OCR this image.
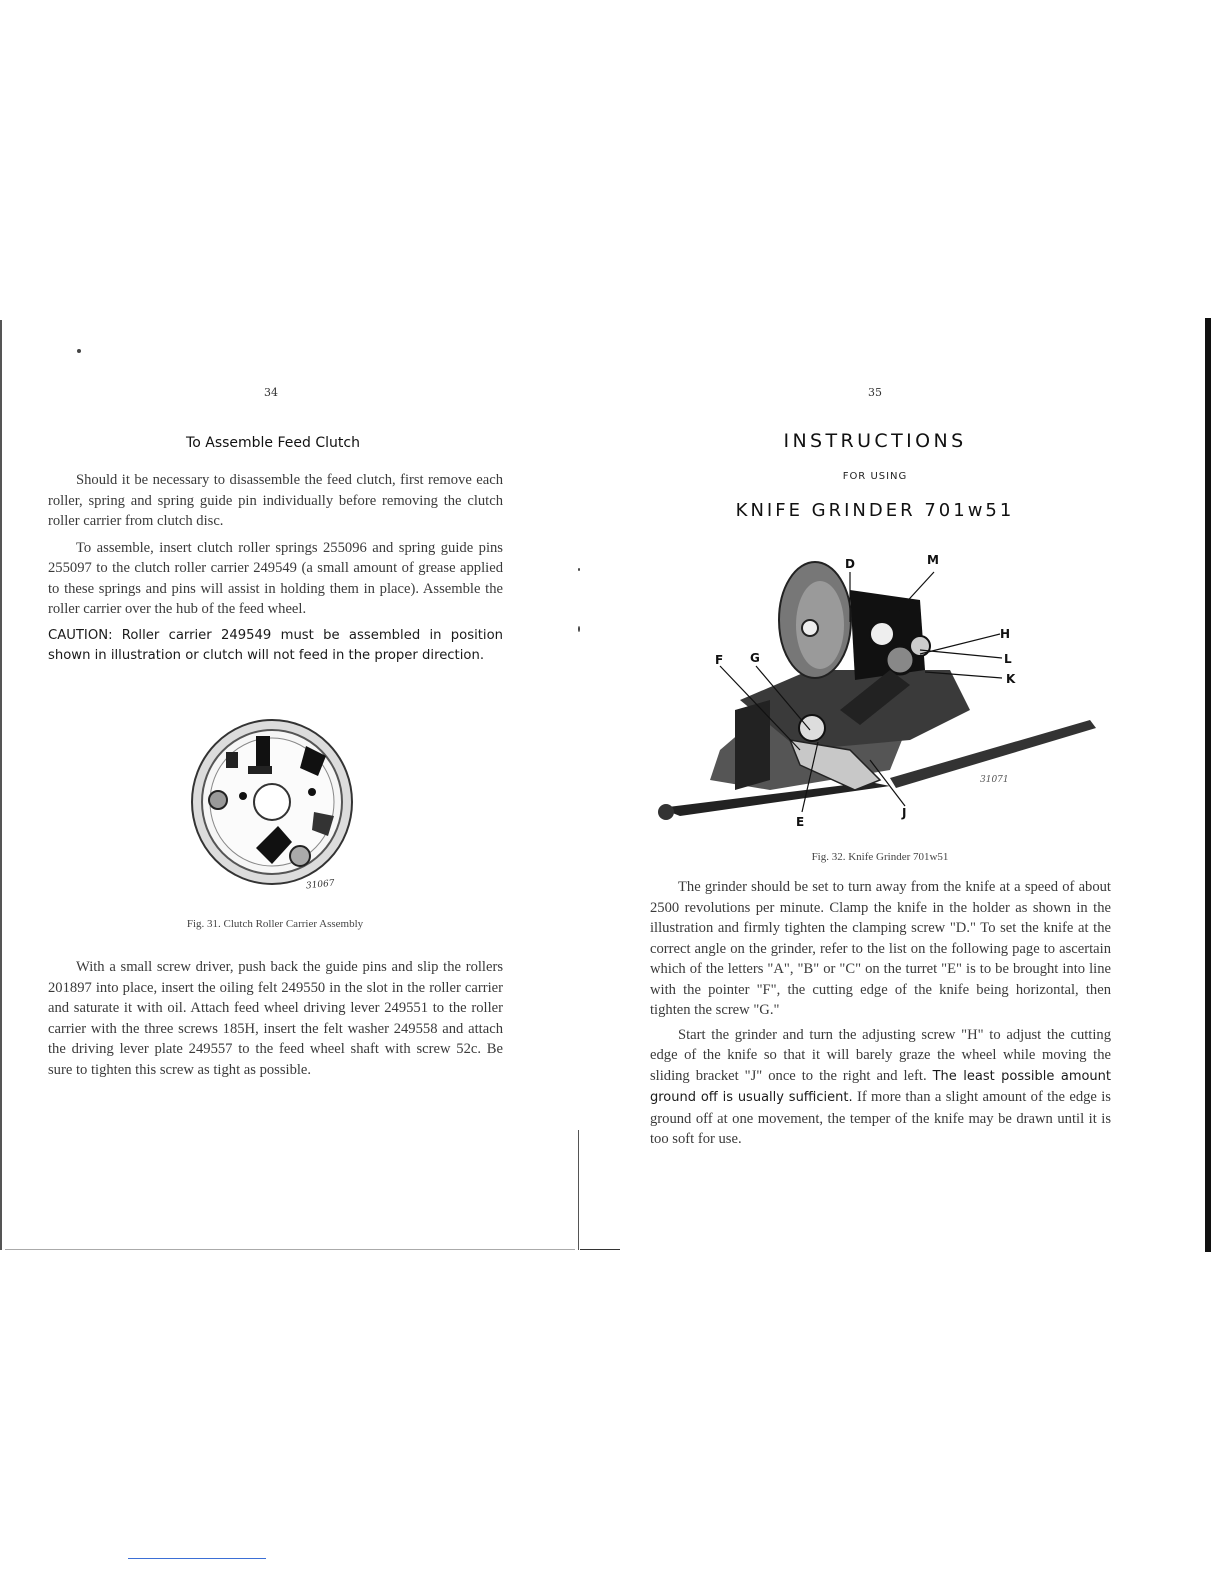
34
To Assemble Feed Clutch

Should it be necessary to disassemble the feed clutch, first remove each roller, spring and spring guide pin individually before removing the clutch roller carrier from clutch disc.

To assemble, insert clutch roller springs 255096 and spring guide pins 255097 to the clutch roller carrier 249549 (a small amount of grease applied to these springs and pins will assist in holding them in place). Assemble the roller carrier over the hub of the feed wheel.

CAUTION: Roller carrier 249549 must be assembled in position shown in illustration or clutch will not feed in the proper direction.

31067
Fig. 31. Clutch Roller Carrier Assembly

With a small screw driver, push back the guide pins and slip the rollers 201897 into place, insert the oiling felt 249550 in the slot in the roller carrier and saturate it with oil. Attach feed wheel driving lever 249551 to the roller carrier with the three screws 185H, insert the felt washer 249558 and attach the driving lever plate 249557 to the feed wheel shaft with screw 52c. Be sure to tighten this screw as tight as possible.

35
INSTRUCTIONS
FOR USING
KNIFE GRINDER 701w51
D	M
H
F G	L
K
E
J
31071
Fig. 32. Knife Grinder 701w51

The grinder should be set to turn away from the knife at a speed of about 2500 revolutions per minute. Clamp the knife in the holder as shown in the illustration and firmly tighten the clamping screw "D." To set the knife at the correct angle on the grinder, refer to the list on the following page to ascertain which of the letters "A", "B" or "C" on the turret "E" is to be brought into line with the pointer "F", the cutting edge of the knife being horizontal, then tighten the screw "G."

Start the grinder and turn the adjusting screw "H" to adjust the cutting edge of the knife so that it will barely graze the wheel while moving the sliding bracket "J" once to the right and left. The least possible amount ground off is usually sufficient. If more than a slight amount of the edge is ground off at one movement, the temper of the knife may be drawn until it is too soft for use.
